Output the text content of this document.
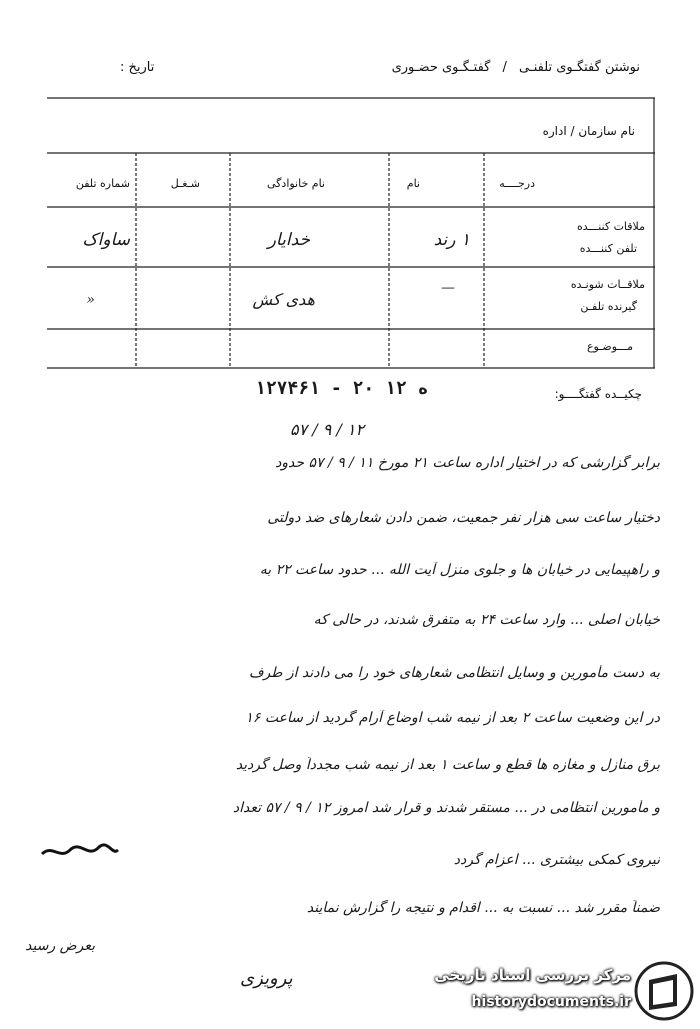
نوشتن گفتگـوی تلفنـی / گفتـگـوی حضـوری
تاریخ :
نام سازمان / اداره
درجــــه
نام
نام خانوادگی
شـغـل
شماره تلفن
ملاقات کننـــده
تلفن کننـــده
ملاقــات شونـده
گیرنده تلفـن
مـــوضـوع
۱ رند
خدایار
ساواک
—
هدی کش
«
چکیــده گفتگــــو:
۱۲۷۴۶۱ - ۲۰ ه ۱۲
۱۲ / ۹ / ۵۷
برابر گزارشی که در اختیار اداره ساعت ۲۱ مورخ ۱۱ / ۹ / ۵۷ حدود
دختیار ساعت سی هزار نفر جمعیت، ضمن دادن شعارهای ضد دولتی
و راهپیمایی در خیابان ها و جلوی منزل آیت الله ... حدود ساعت ۲۲ به
خیابان اصلی ... وارد ساعت ۲۴ به متفرق شدند، در حالی که
به دست مأمورین و وسایل انتظامی شعارهای خود را می دادند از طرف
در این وضعیت ساعت ۲ بعد از نیمه شب اوضاع آرام گردید از ساعت ۱۶
برق منازل و مغازه ها قطع و ساعت ۱ بعد از نیمه شب مجدداً وصل گردید
و مأمورین انتظامی در ... مستقر شدند و قرار شد امروز ۱۲ / ۹ / ۵۷ تعداد
نیروی کمکی بیشتری ... اعزام گردد
ضمناً مقرر شد ... نسبت به ... اقدام و نتیجه را گزارش نمایند
بعرض رسید
پرویزی	مرکز بررسی اسناد تاریخی
historydocuments.ir
